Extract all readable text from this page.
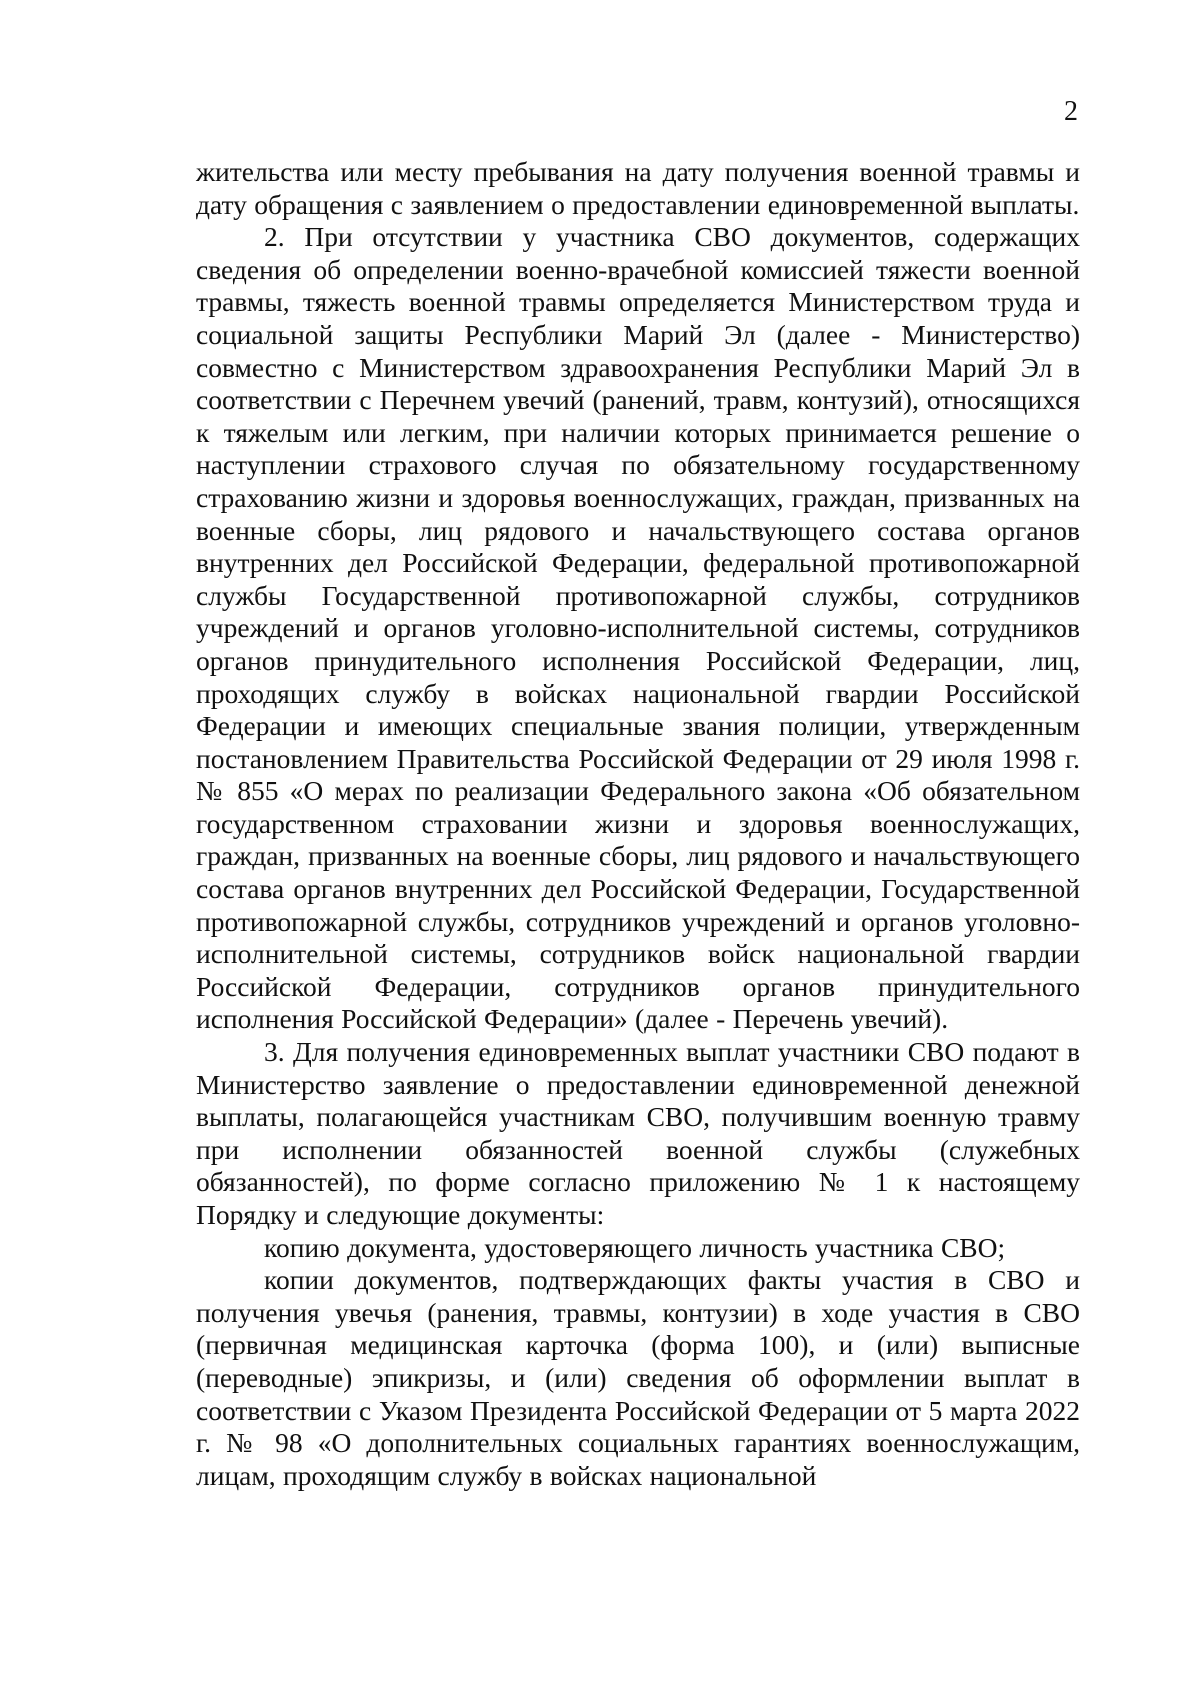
2

жительства или месту пребывания на дату получения военной травмы и дату обращения с заявлением о предоставлении единовременной выплаты.

2. При отсутствии у участника СВО документов, содержащих сведения об определении военно-врачебной комиссией тяжести военной травмы, тяжесть военной травмы определяется Министерством труда и социальной защиты Республики Марий Эл (далее - Министерство) совместно с Министерством здравоохранения Республики Марий Эл в соответствии с Перечнем увечий (ранений, травм, контузий), относящихся к тяжелым или легким, при наличии которых принимается решение о наступлении страхового случая по обязательному государственному страхованию жизни и здоровья военнослужащих, граждан, призванных на военные сборы, лиц рядового и начальствующего состава органов внутренних дел Российской Федерации, федеральной противопожарной службы Государственной противопожарной службы, сотрудников учреждений и органов уголовно-исполнительной системы, сотрудников органов принудительного исполнения Российской Федерации, лиц, проходящих службу в войсках национальной гвардии Российской Федерации и имеющих специальные звания полиции, утвержденным постановлением Правительства Российской Федерации от 29 июля 1998 г. № 855 «О мерах по реализации Федерального закона «Об обязательном государственном страховании жизни и здоровья военнослужащих, граждан, призванных на военные сборы, лиц рядового и начальствующего состава органов внутренних дел Российской Федерации, Государственной противопожарной службы, сотрудников учреждений и органов уголовно-исполнительной системы, сотрудников войск национальной гвардии Российской Федерации, сотрудников органов принудительного исполнения Российской Федерации» (далее - Перечень увечий).

3. Для получения единовременных выплат участники СВО подают в Министерство заявление о предоставлении единовременной денежной выплаты, полагающейся участникам СВО, получившим военную травму при исполнении обязанностей военной службы (служебных обязанностей), по форме согласно приложению № 1 к настоящему Порядку и следующие документы:

копию документа, удостоверяющего личность участника СВО;

копии документов, подтверждающих факты участия в СВО и получения увечья (ранения, травмы, контузии) в ходе участия в СВО (первичная медицинская карточка (форма 100), и (или) выписные (переводные) эпикризы, и (или) сведения об оформлении выплат в соответствии с Указом Президента Российской Федерации от 5 марта 2022 г. № 98 «О дополнительных социальных гарантиях военнослужащим, лицам, проходящим службу в войсках национальной
